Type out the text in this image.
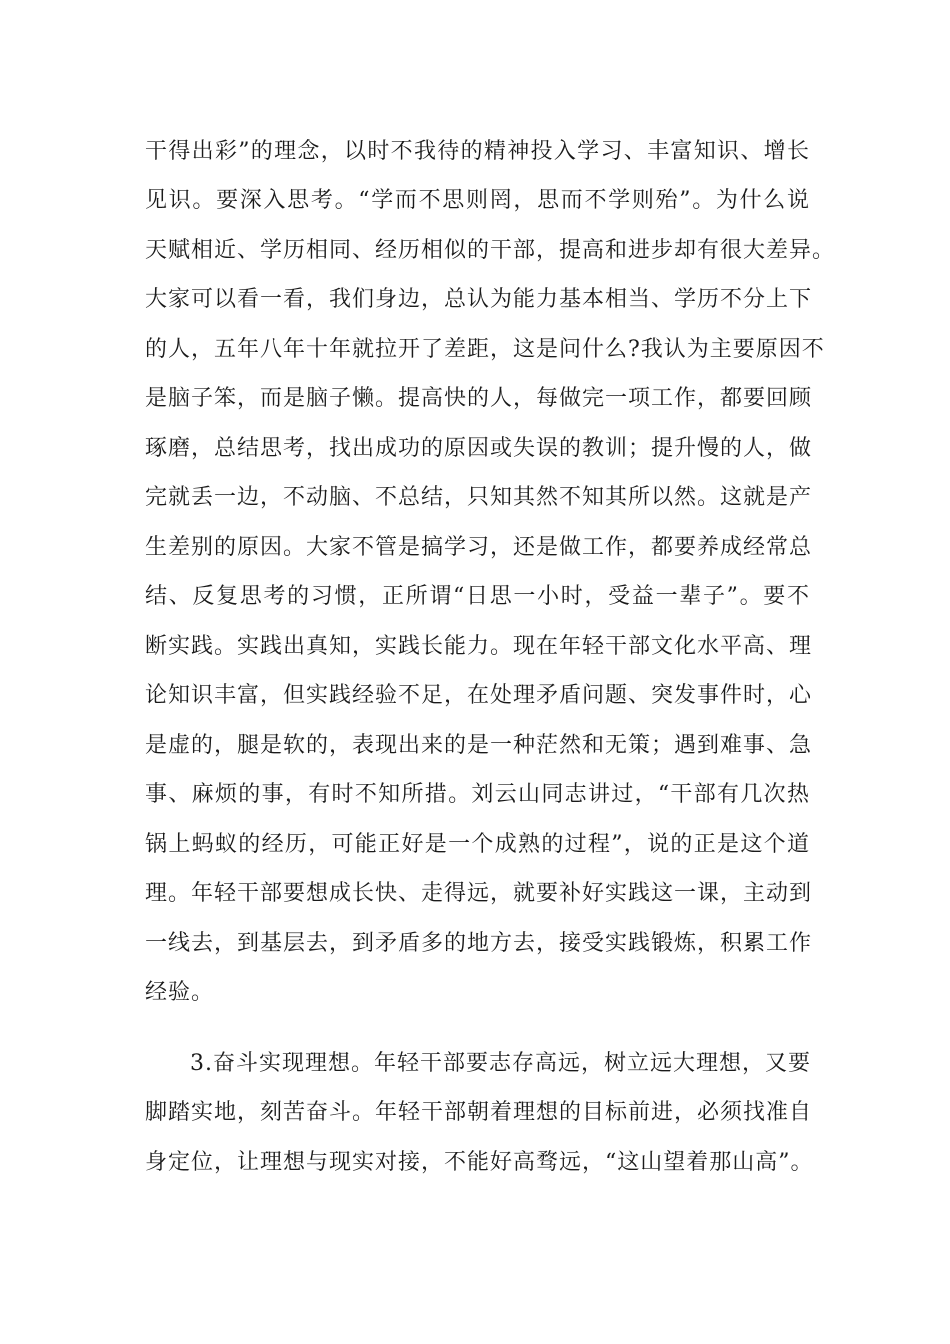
干得出彩”的理念，以时不我待的精神投入学习、丰富知识、增长
见识。要深入思考。“学而不思则罔，思而不学则殆”。为什么说
天赋相近、学历相同、经历相似的干部，提高和进步却有很大差异。
大家可以看一看，我们身边，总认为能力基本相当、学历不分上下
的人，五年八年十年就拉开了差距，这是问什么?我认为主要原因不
是脑子笨，而是脑子懒。提高快的人，每做完一项工作，都要回顾
琢磨，总结思考，找出成功的原因或失误的教训；提升慢的人，做
完就丢一边，不动脑、不总结，只知其然不知其所以然。这就是产
生差别的原因。大家不管是搞学习，还是做工作，都要养成经常总
结、反复思考的习惯，正所谓“日思一小时，受益一辈子”。要不
断实践。实践出真知，实践长能力。现在年轻干部文化水平高、理
论知识丰富，但实践经验不足，在处理矛盾问题、突发事件时，心
是虚的，腿是软的，表现出来的是一种茫然和无策；遇到难事、急
事、麻烦的事，有时不知所措。刘云山同志讲过，“干部有几次热
锅上蚂蚁的经历，可能正好是一个成熟的过程”，说的正是这个道
理。年轻干部要想成长快、走得远，就要补好实践这一课，主动到
一线去，到基层去，到矛盾多的地方去，接受实践锻炼，积累工作
经验。
3.奋斗实现理想。年轻干部要志存高远，树立远大理想，又要
脚踏实地，刻苦奋斗。年轻干部朝着理想的目标前进，必须找准自
身定位，让理想与现实对接，不能好高骛远，“这山望着那山高”。
